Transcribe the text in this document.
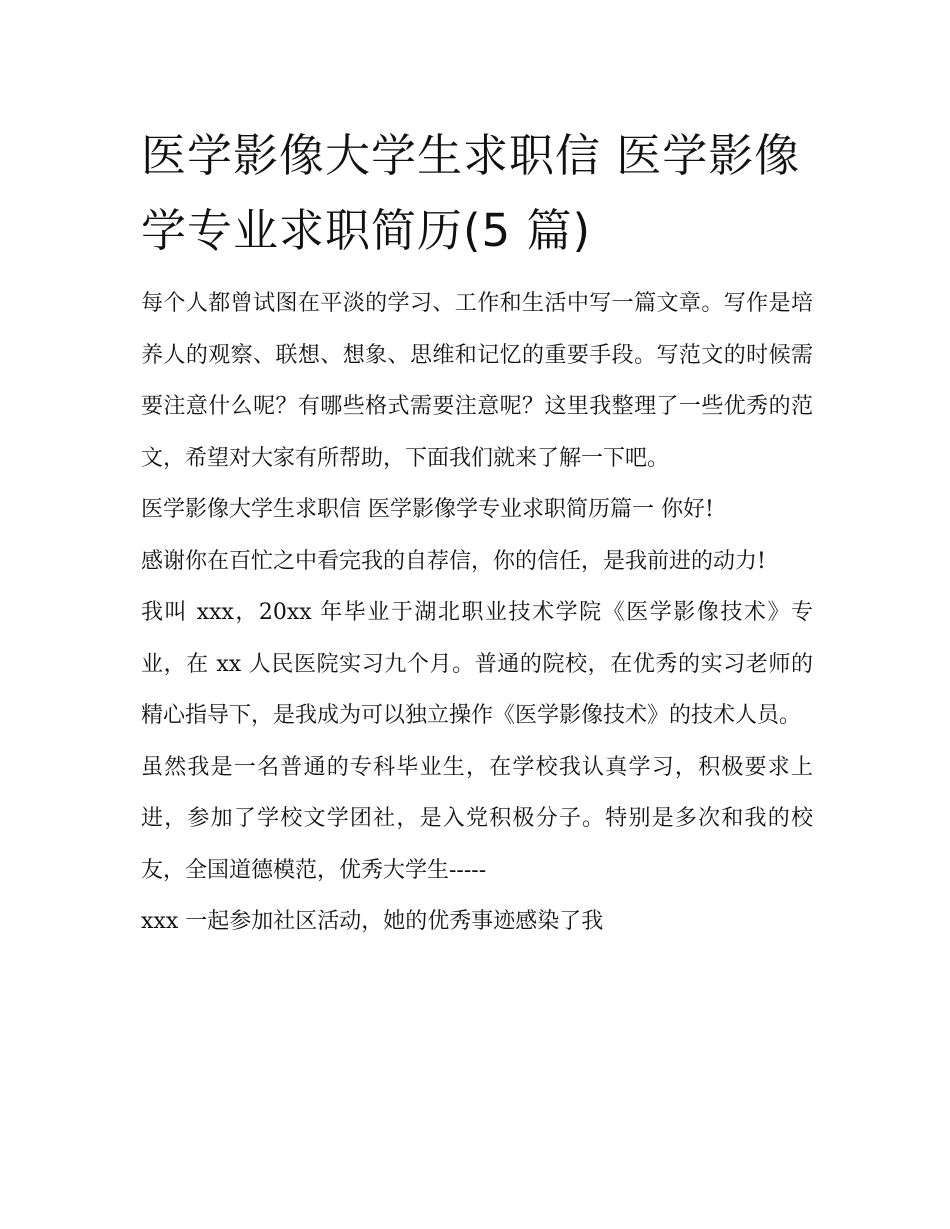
医学影像大学生求职信 医学影像学专业求职简历(5 篇)

每个人都曾试图在平淡的学习、工作和生活中写一篇文章。写作是培养人的观察、联想、想象、思维和记忆的重要手段。写范文的时候需要注意什么呢？有哪些格式需要注意呢？这里我整理了一些优秀的范文，希望对大家有所帮助，下面我们就来了解一下吧。

医学影像大学生求职信 医学影像学专业求职简历篇一 你好!

感谢你在百忙之中看完我的自荐信，你的信任，是我前进的动力!

我叫 xxx，20xx 年毕业于湖北职业技术学院《医学影像技术》专业，在 xx 人民医院实习九个月。普通的院校，在优秀的实习老师的精心指导下，是我成为可以独立操作《医学影像技术》的技术人员。

虽然我是一名普通的专科毕业生，在学校我认真学习，积极要求上进，参加了学校文学团社，是入党积极分子。特别是多次和我的校友，全国道德模范，优秀大学生-----

xxx 一起参加社区活动，她的优秀事迹感染了我
